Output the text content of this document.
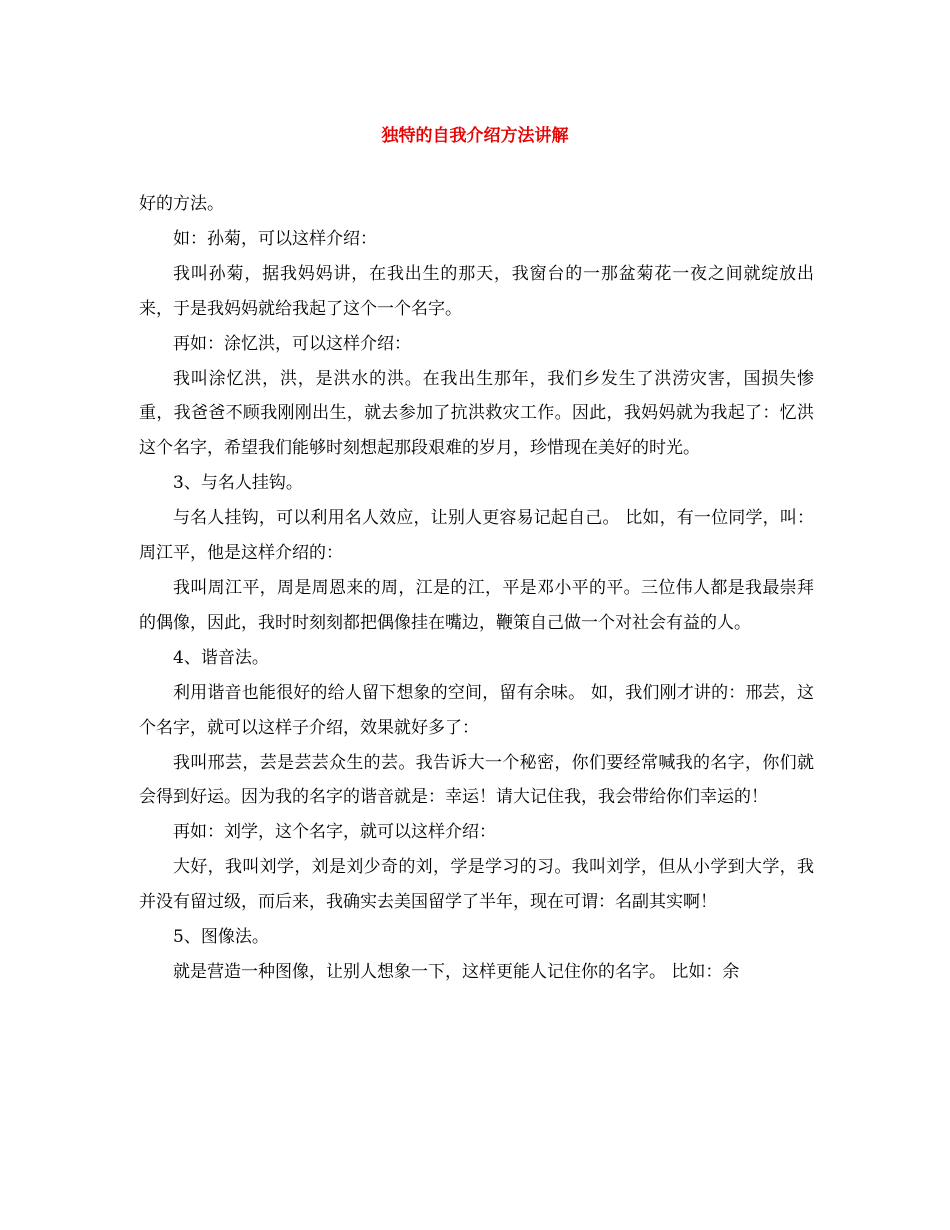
独特的自我介绍方法讲解

好的方法。

如：孙菊，可以这样介绍：

我叫孙菊，据我妈妈讲，在我出生的那天，我窗台的一那盆菊花一夜之间就绽放出来，于是我妈妈就给我起了这个一个名字。

再如：涂忆洪，可以这样介绍：

我叫涂忆洪，洪，是洪水的洪。在我出生那年，我们乡发生了洪涝灾害，国损失惨重，我爸爸不顾我刚刚出生，就去参加了抗洪救灾工作。因此，我妈妈就为我起了：忆洪这个名字，希望我们能够时刻想起那段艰难的岁月，珍惜现在美好的时光。

3、与名人挂钩。

与名人挂钩，可以利用名人效应，让别人更容易记起自己。 比如，有一位同学，叫：周江平，他是这样介绍的：

我叫周江平，周是周恩来的周，江是的江，平是邓小平的平。三位伟人都是我最崇拜的偶像，因此，我时时刻刻都把偶像挂在嘴边，鞭策自己做一个对社会有益的人。

4、谐音法。

利用谐音也能很好的给人留下想象的空间，留有余味。 如，我们刚才讲的：邢芸，这个名字，就可以这样子介绍，效果就好多了：

我叫邢芸，芸是芸芸众生的芸。我告诉大一个秘密，你们要经常喊我的名字，你们就会得到好运。因为我的名字的谐音就是：幸运！请大记住我，我会带给你们幸运的！

再如：刘学，这个名字，就可以这样介绍：

大好，我叫刘学，刘是刘少奇的刘，学是学习的习。我叫刘学，但从小学到大学，我并没有留过级，而后来，我确实去美国留学了半年，现在可谓：名副其实啊！

5、图像法。

就是营造一种图像，让别人想象一下，这样更能人记住你的名字。 比如：余
